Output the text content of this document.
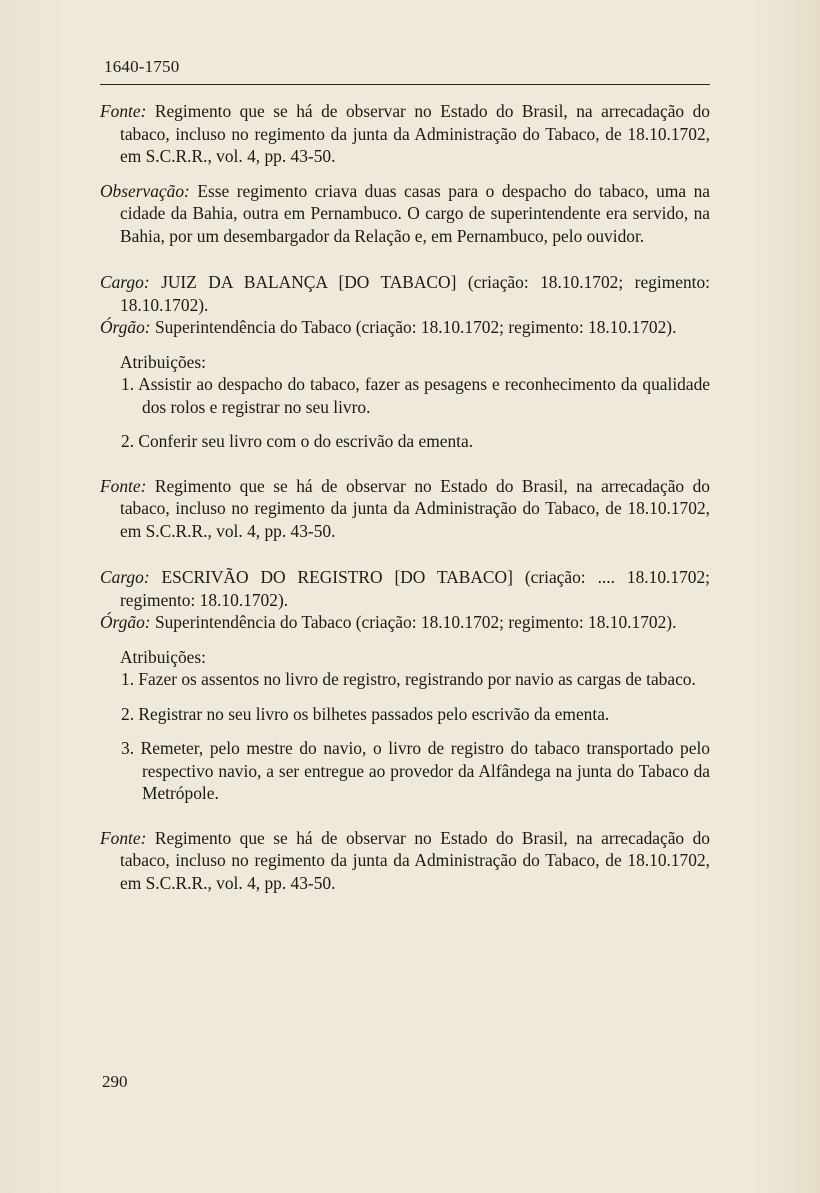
1640-1750

Fonte: Regimento que se há de observar no Estado do Brasil, na arrecadação do tabaco, incluso no regimento da junta da Administração do Tabaco, de 18.10.1702, em S.C.R.R., vol. 4, pp. 43-50.

Observação: Esse regimento criava duas casas para o despacho do tabaco, uma na cidade da Bahia, outra em Pernambuco. O cargo de superintendente era servido, na Bahia, por um desembargador da Relação e, em Pernambuco, pelo ouvidor.

Cargo: JUIZ DA BALANÇA [DO TABACO] (criação: 18.10.1702; regimento: 18.10.1702).

Órgão: Superintendência do Tabaco (criação: 18.10.1702; regimento: 18.10.1702).

Atribuições:

1. Assistir ao despacho do tabaco, fazer as pesagens e reconhecimento da qualidade dos rolos e registrar no seu livro.

2. Conferir seu livro com o do escrivão da ementa.

Fonte: Regimento que se há de observar no Estado do Brasil, na arrecadação do tabaco, incluso no regimento da junta da Administração do Tabaco, de 18.10.1702, em S.C.R.R., vol. 4, pp. 43-50.

Cargo: ESCRIVÃO DO REGISTRO [DO TABACO] (criação: .... 18.10.1702; regimento: 18.10.1702).

Órgão: Superintendência do Tabaco (criação: 18.10.1702; regimento: 18.10.1702).

Atribuições:

1. Fazer os assentos no livro de registro, registrando por navio as cargas de tabaco.

2. Registrar no seu livro os bilhetes passados pelo escrivão da ementa.

3. Remeter, pelo mestre do navio, o livro de registro do tabaco transportado pelo respectivo navio, a ser entregue ao provedor da Alfândega na junta do Tabaco da Metrópole.

Fonte: Regimento que se há de observar no Estado do Brasil, na arrecadação do tabaco, incluso no regimento da junta da Administração do Tabaco, de 18.10.1702, em S.C.R.R., vol. 4, pp. 43-50.

290
